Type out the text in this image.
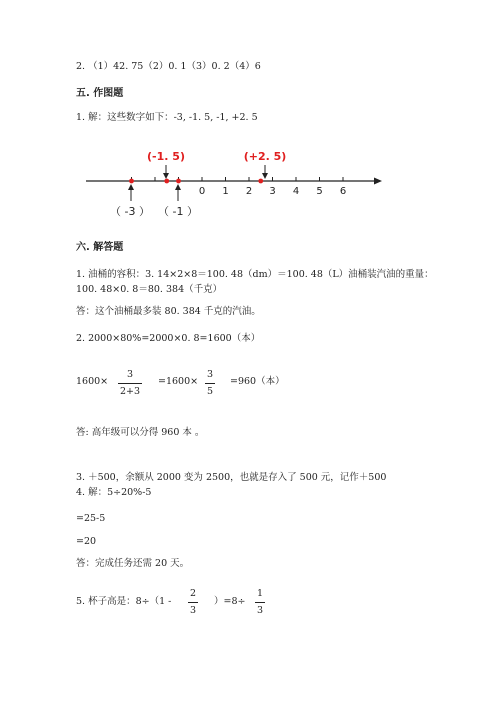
2. （1）42. 75（2）0. 1（3）0. 2（4）6
五. 作图题
1. 解：这些数字如下：-3, -1. 5, -1, +2. 5
0 1 2 3 4 5 6
(-1. 5)	(+2. 5)
（ -3 ） （ -1 ）
六. 解答题
1. 油桶的容积：3. 14×2×8＝100. 48（dm）＝100. 48（L）油桶装汽油的重量：
100. 48×0. 8＝80. 384（千克）
答：这个油桶最多装 80. 384 千克的汽油。
2. 2000×80%=2000×0. 8=1600（本）
1600×
3
2+3
=1600×
3
5
=960（本）
答: 高年级可以分得 960 本 。
3. ＋500，余额从 2000 变为 2500，也就是存入了 500 元，记作＋500
4. 解：5÷20%-5
=25-5
=20
答：完成任务还需 20 天。
5. 杯子高是：8÷（1 -
2
3
）=8÷
1
3
